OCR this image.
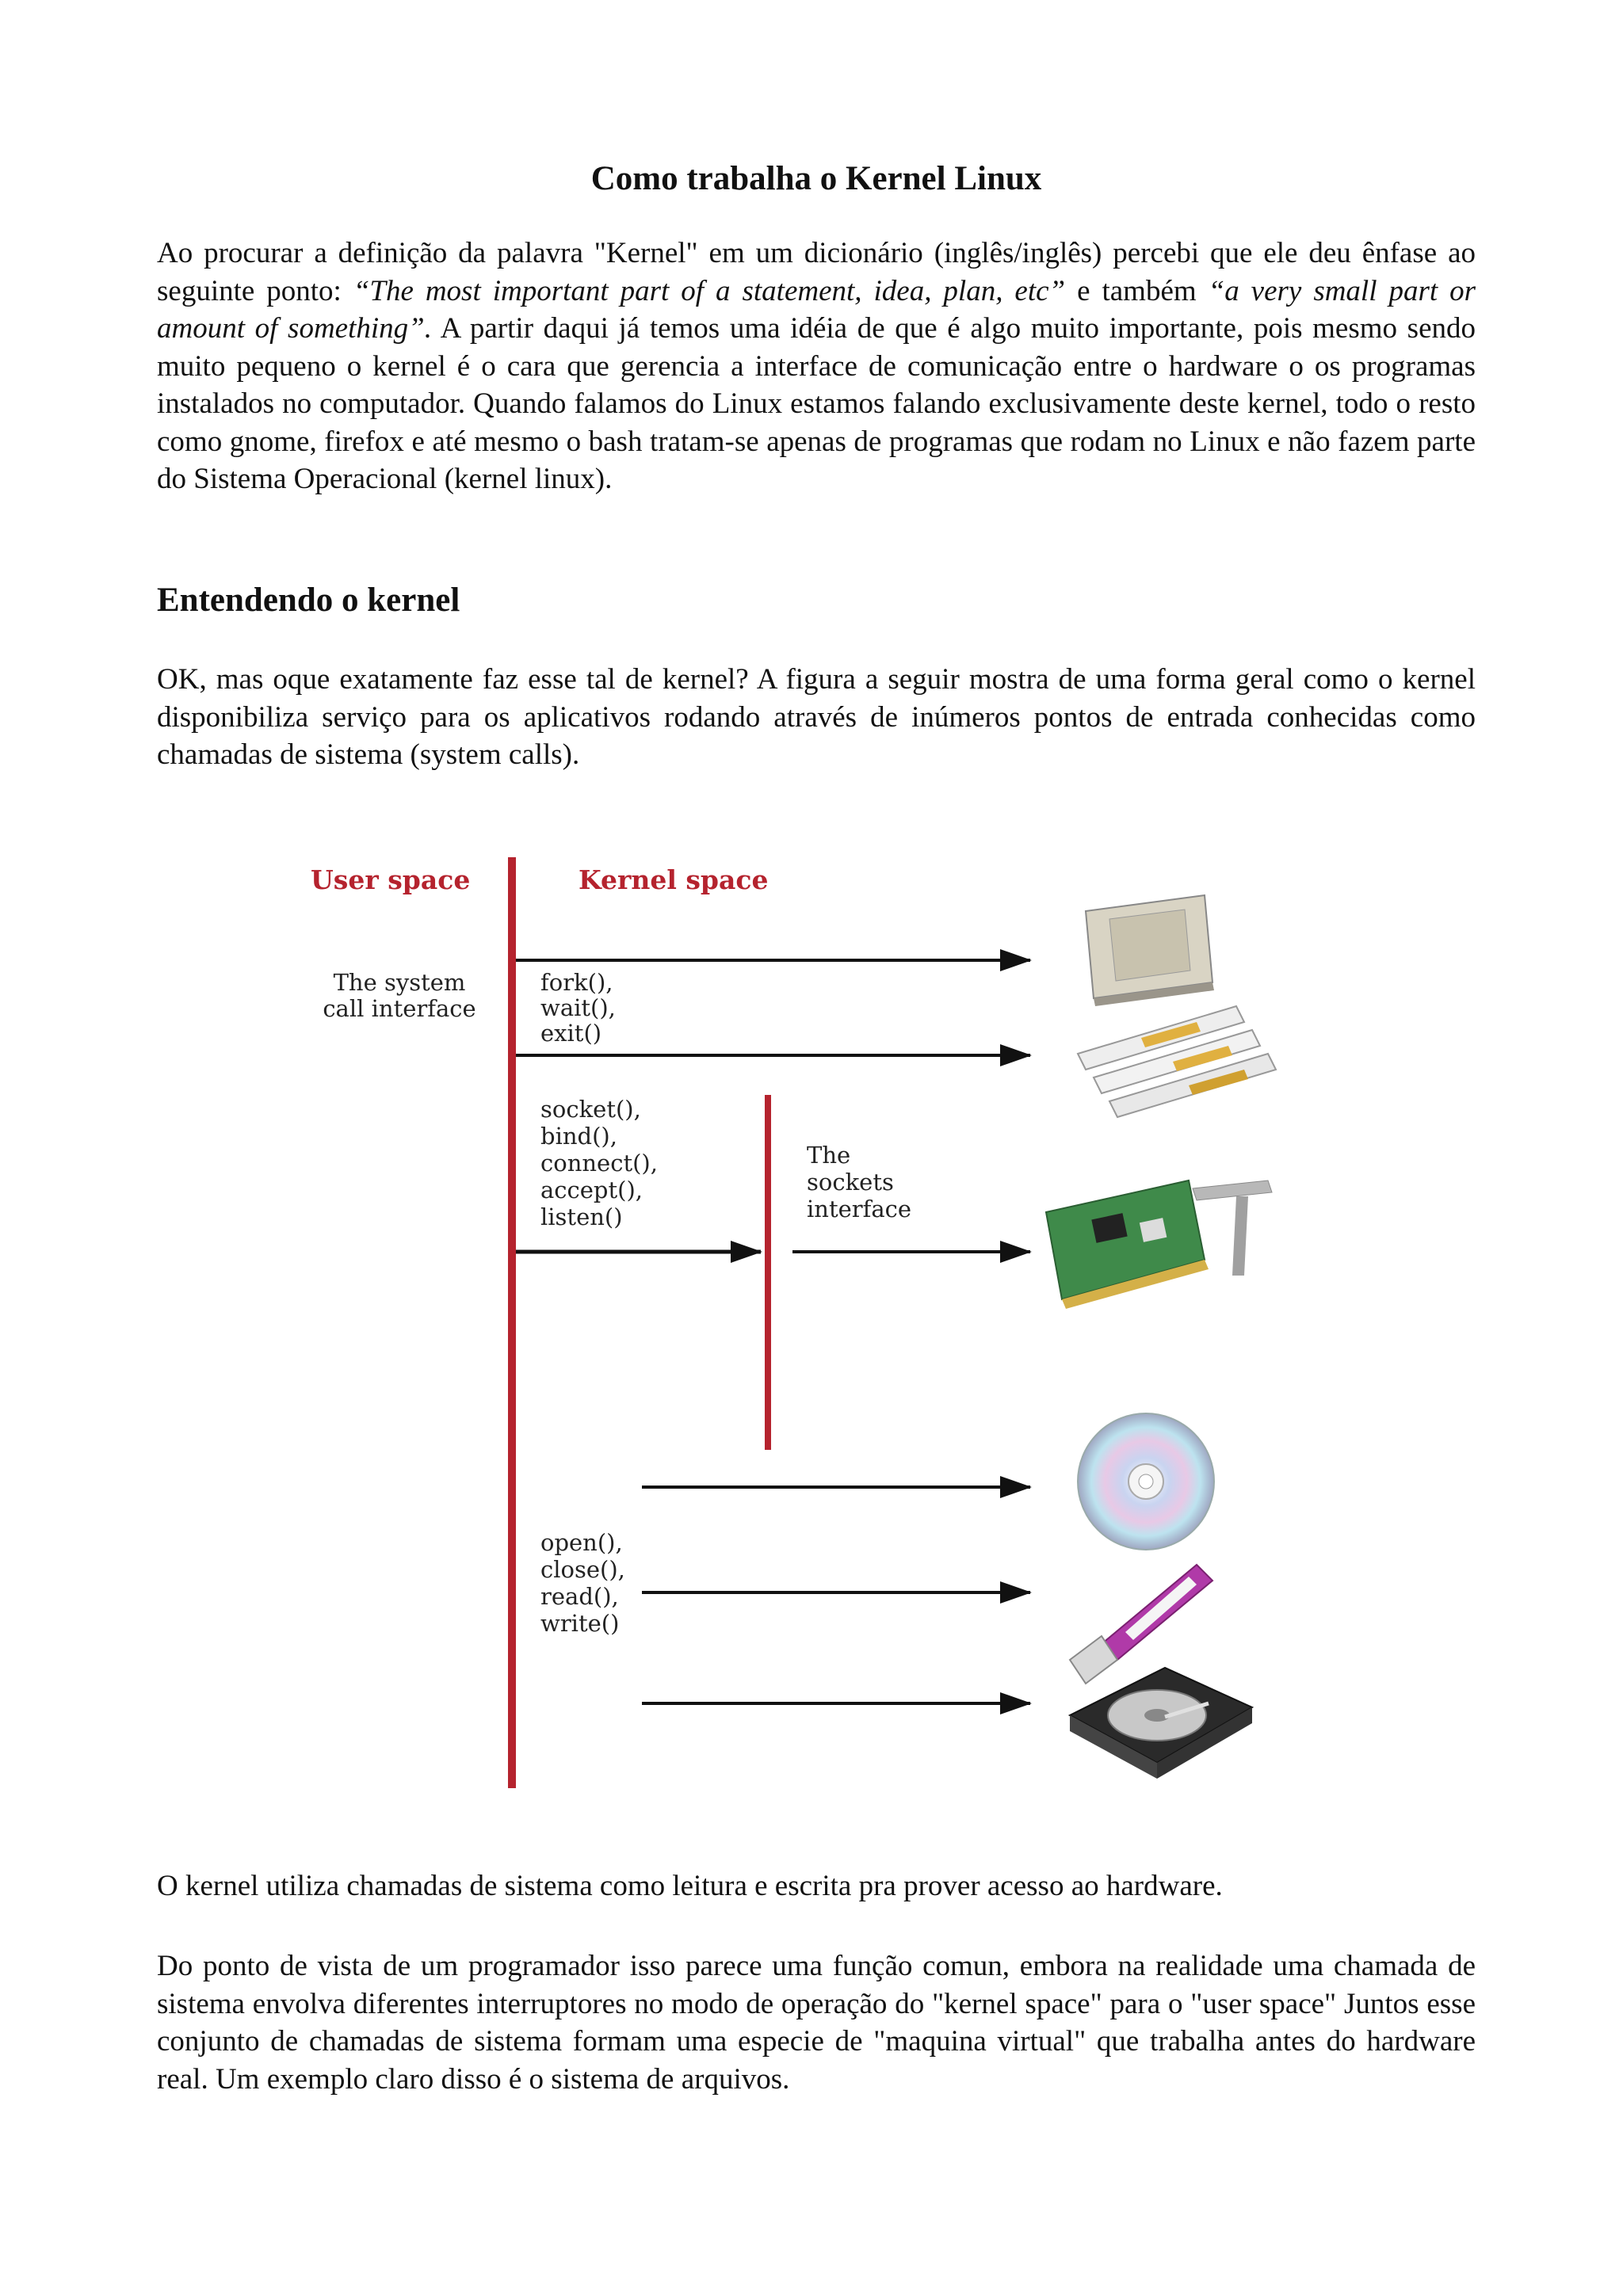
Como trabalha o Kernel Linux

Ao procurar a definição da palavra "Kernel" em um dicionário (inglês/inglês) percebi que ele deu ênfase ao seguinte ponto: “The most important part of a statement, idea, plan, etc” e também “a very small part or amount of something”. A partir daqui já temos uma idéia de que é algo muito importante, pois mesmo sendo muito pequeno o kernel é o cara que gerencia a interface de comunicação entre o hardware o os programas instalados no computador. Quando falamos do Linux estamos falando exclusivamente deste kernel, todo o resto como gnome, firefox e até mesmo o bash tratam-se apenas de programas que rodam no Linux e não fazem parte do Sistema Operacional (kernel linux).

Entendendo o kernel

OK, mas oque exatamente faz esse tal de kernel? A figura a seguir mostra de uma forma geral como o kernel disponibiliza serviço para os aplicativos rodando através de inúmeros pontos de entrada conhecidas como chamadas de sistema (system calls).

O kernel utiliza chamadas de sistema como leitura e escrita pra prover acesso ao hardware.

Do ponto de vista de um programador isso parece uma função comun, embora na realidade uma chamada de sistema envolva diferentes interruptores no modo de operação do "kernel space" para o "user space" Juntos esse conjunto de chamadas de sistema formam uma especie de "maquina virtual" que trabalha antes do hardware real. Um exemplo claro disso é o sistema de arquivos.

User space	Kernel space
The system
call interface
fork(),
wait(),
exit()
socket(),
bind(),
connect(),
accept(),
listen()
The
sockets
interface
open(),
close(),
read(),
write()
